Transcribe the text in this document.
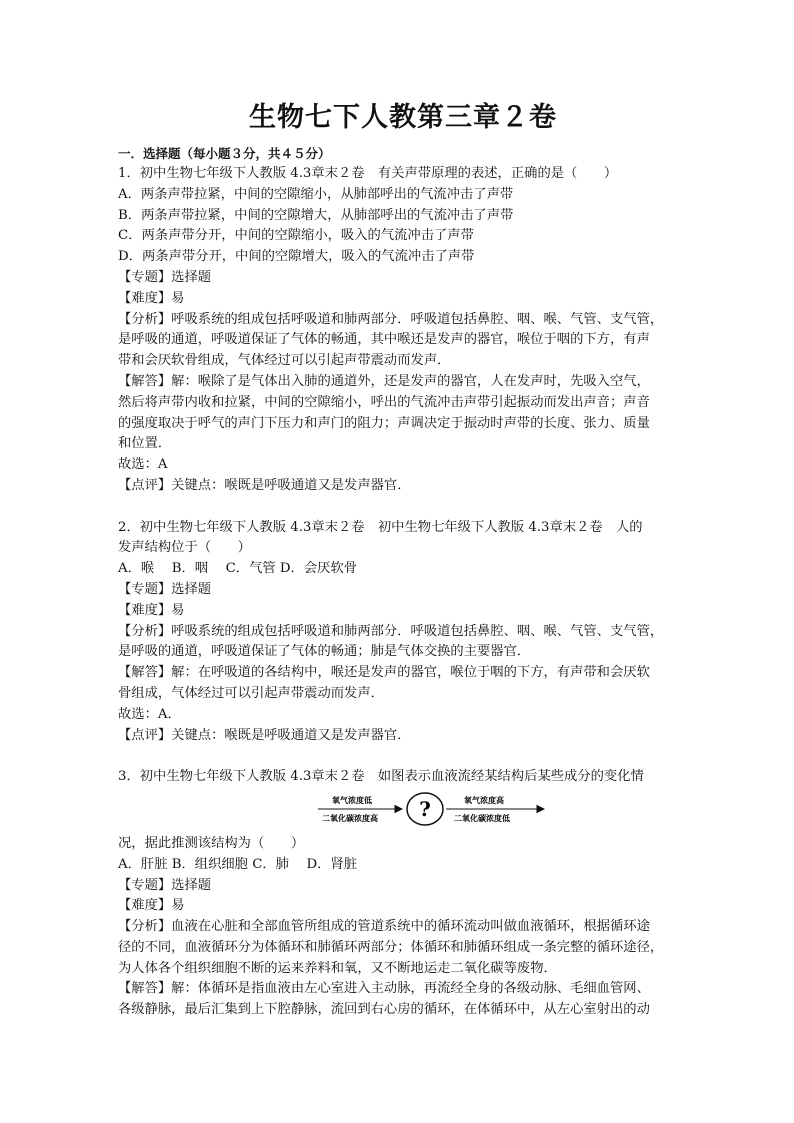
生物七下人教第三章２卷
一．选择题（每小题３分，共４５分）
1．初中生物七年级下人教版 4.3章末２卷　有关声带原理的表述，正确的是（　　）
A．两条声带拉紧，中间的空隙缩小，从肺部呼出的气流冲击了声带
B．两条声带拉紧，中间的空隙增大，从肺部呼出的气流冲击了声带
C．两条声带分开，中间的空隙缩小，吸入的气流冲击了声带
D．两条声带分开，中间的空隙增大，吸入的气流冲击了声带
【专题】选择题
【难度】易
【分析】呼吸系统的组成包括呼吸道和肺两部分．呼吸道包括鼻腔、咽、喉、气管、支气管，
是呼吸的通道，呼吸道保证了气体的畅通，其中喉还是发声的器官，喉位于咽的下方，有声
带和会厌软骨组成，气体经过可以引起声带震动而发声．
【解答】解：喉除了是气体出入肺的通道外，还是发声的器官，人在发声时，先吸入空气，
然后将声带内收和拉紧，中间的空隙缩小，呼出的气流冲击声带引起振动而发出声音；声音
的强度取决于呼气的声门下压力和声门的阻力；声调决定于振动时声带的长度、张力、质量
和位置．
故选：A
【点评】关键点：喉既是呼吸通道又是发声器官．
2．初中生物七年级下人教版 4.3章末２卷　初中生物七年级下人教版 4.3章末２卷　人的
发声结构位于（　　）
A．喉　 B．咽　 C．气管 D．会厌软骨
【专题】选择题
【难度】易
【分析】呼吸系统的组成包括呼吸道和肺两部分．呼吸道包括鼻腔、咽、喉、气管、支气管，
是呼吸的通道，呼吸道保证了气体的畅通；肺是气体交换的主要器官．
【解答】解：在呼吸道的各结构中，喉还是发声的器官，喉位于咽的下方，有声带和会厌软
骨组成，气体经过可以引起声带震动而发声．
故选：A．
【点评】关键点：喉既是呼吸通道又是发声器官．
3．初中生物七年级下人教版 4.3章末２卷　如图表示血液流经某结构后某些成分的变化情
氧气浓度低
二氧化碳浓度高 ?	氧气浓度高
二氧化碳浓度低
况，据此推测该结构为（　　）
A．肝脏 B．组织细胞 C．肺　 D．肾脏
【专题】选择题
【难度】易
【分析】血液在心脏和全部血管所组成的管道系统中的循环流动叫做血液循环，根据循环途
径的不同，血液循环分为体循环和肺循环两部分；体循环和肺循环组成一条完整的循环途径，
为人体各个组织细胞不断的运来养料和氧，又不断地运走二氧化碳等废物．
【解答】解：体循环是指血液由左心室进入主动脉，再流经全身的各级动脉、毛细血管网、
各级静脉，最后汇集到上下腔静脉，流回到右心房的循环，在体循环中，从左心室射出的动
